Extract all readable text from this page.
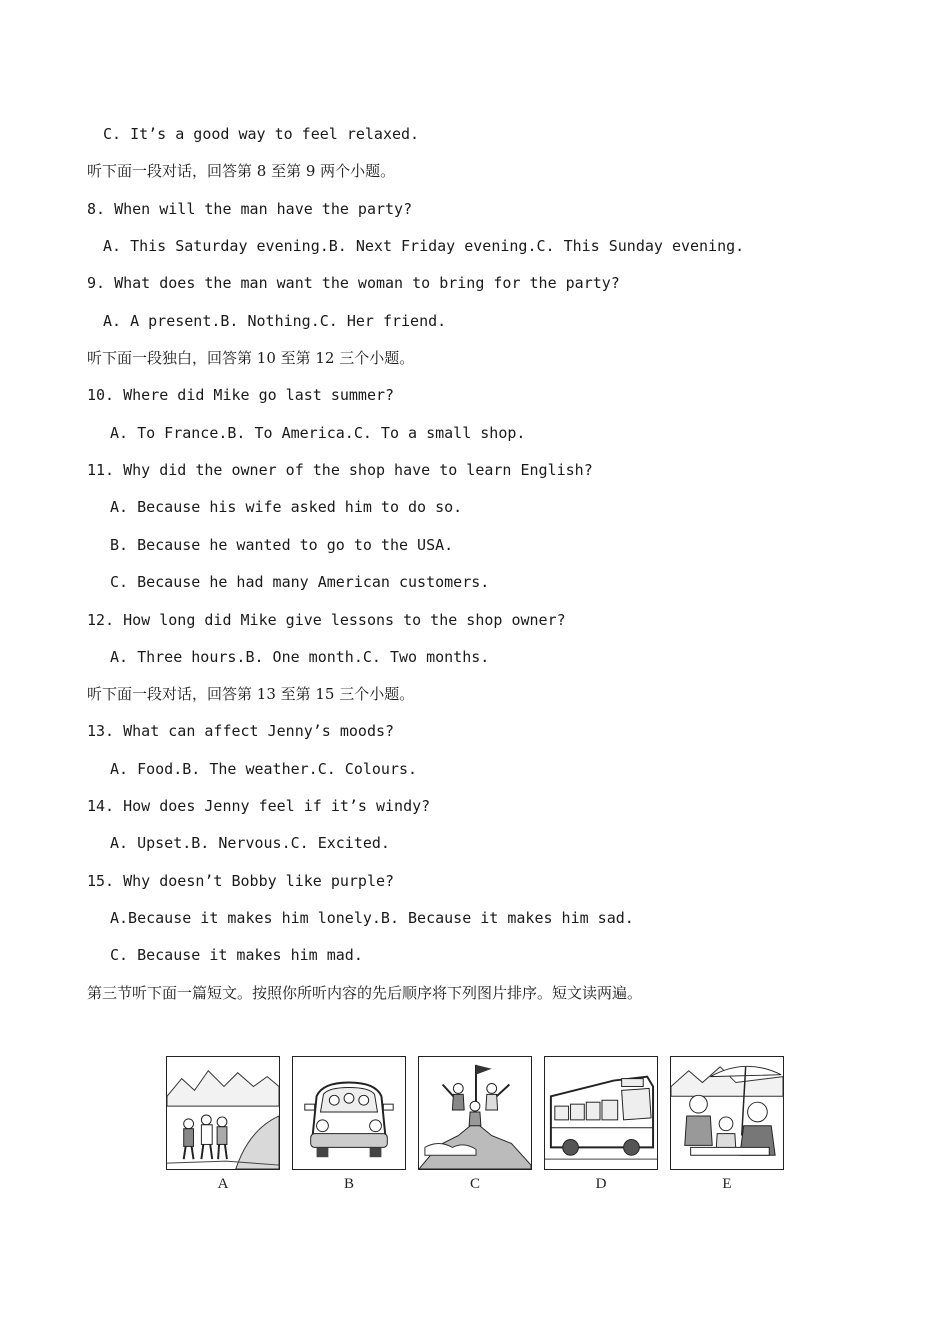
C. It’s a good way to feel relaxed.
听下面一段对话，回答第 8 至第 9 两个小题。
8. When will the man have the party?
A. This Saturday evening.B. Next Friday evening.C. This Sunday evening.
9. What does the man want the woman to bring for the party?
A. A present.B. Nothing.C. Her friend.
听下面一段独白，回答第 10 至第 12 三个小题。
10. Where did Mike go last summer?
A. To France.B. To America.C. To a small shop.
11. Why did the owner of the shop have to learn English?
A. Because his wife asked him to do so.
B. Because he wanted to go to the USA.
C. Because he had many American customers.
12. How long did Mike give lessons to the shop owner?
A. Three hours.B. One month.C. Two months.
听下面一段对话，回答第 13 至第 15 三个小题。
13. What can affect Jenny’s moods?
A. Food.B. The weather.C. Colours.
14. How does Jenny feel if it’s windy?
A. Upset.B. Nervous.C. Excited.
15. Why doesn’t Bobby like purple?
A.Because it makes him lonely.B. Because it makes him sad.
C. Because it makes him mad.
第三节听下面一篇短文。按照你所听内容的先后顺序将下列图片排序。短文读两遍。
A	B	C	D	E
